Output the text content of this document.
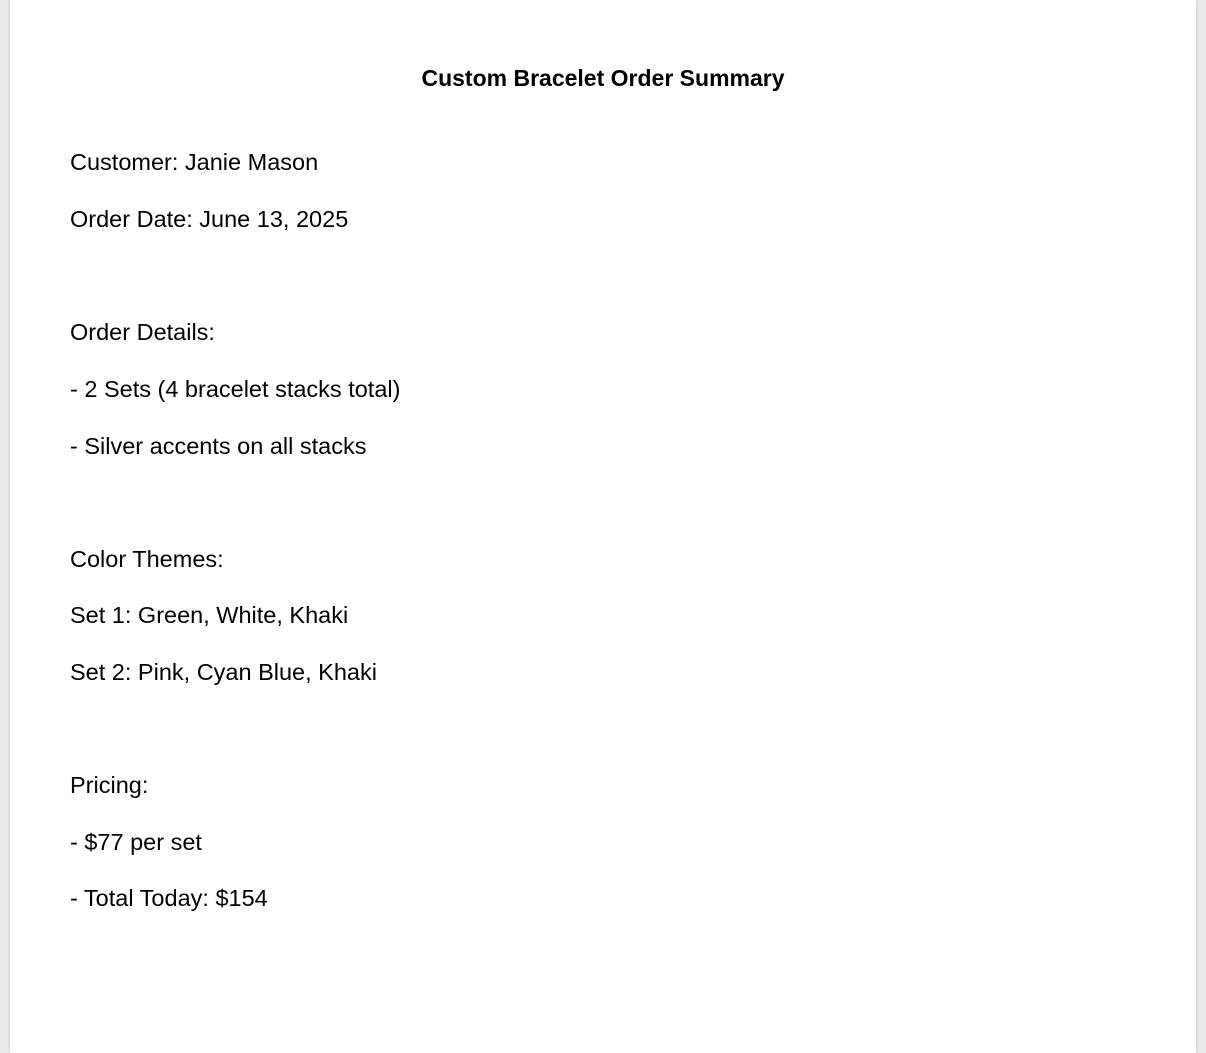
Custom Bracelet Order Summary

Customer: Janie Mason

Order Date: June 13, 2025

Order Details:

- 2 Sets (4 bracelet stacks total)

- Silver accents on all stacks

Color Themes:

Set 1: Green, White, Khaki

Set 2: Pink, Cyan Blue, Khaki

Pricing:

- $77 per set

- Total Today: $154
